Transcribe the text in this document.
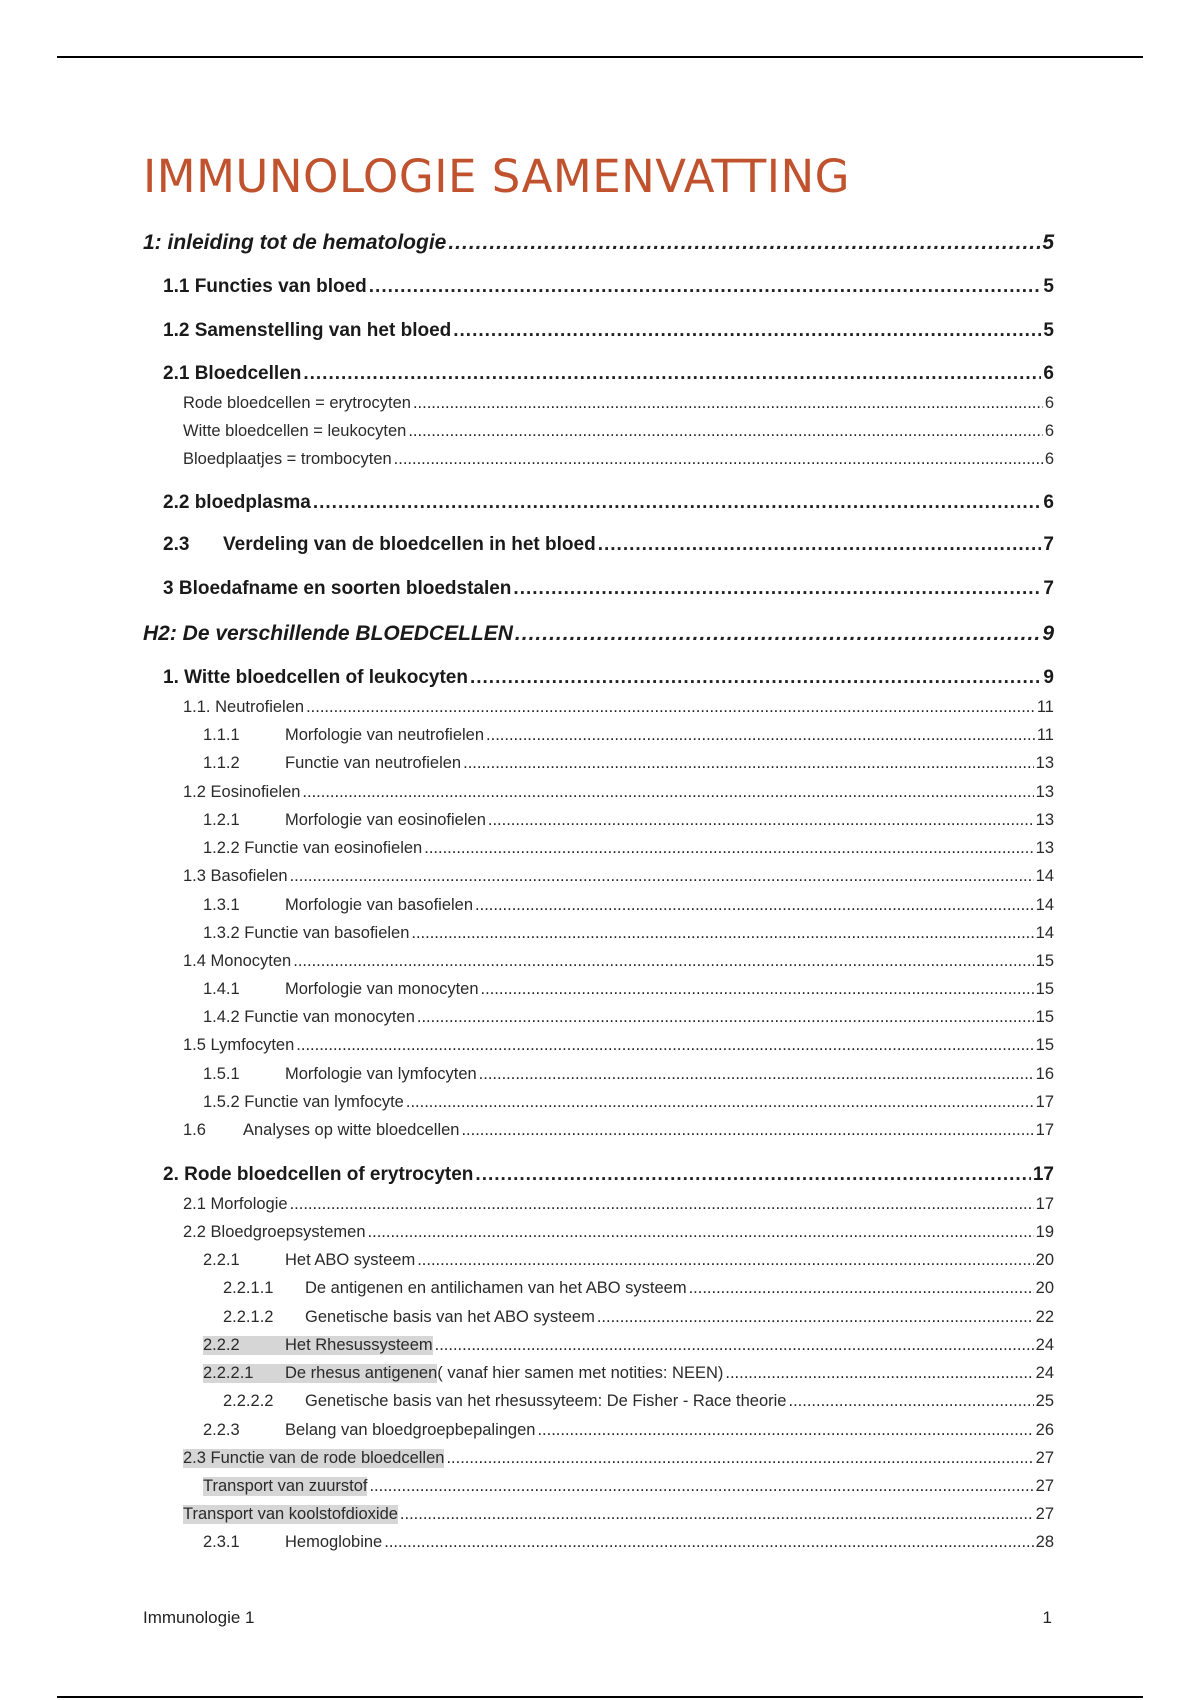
IMMUNOLOGIE SAMENVATTING
1: inleiding tot de hematologie .....	5
1.1 Functies van bloed .....	5
1.2 Samenstelling van het bloed .....	5
2.1 Bloedcellen .....	6
Rode bloedcellen = erytrocyten .....	6
Witte bloedcellen = leukocyten .....	6
Bloedplaatjes = trombocyten .....	6
2.2 bloedplasma .....	6
2.3	Verdeling van de bloedcellen in het bloed .....	7
3 Bloedafname en soorten bloedstalen .....	7
H2: De verschillende BLOEDCELLEN .....	9
1. Witte bloedcellen of leukocyten .....	9
1.1. Neutrofielen .....	11
1.1.1	Morfologie van neutrofielen .....	11
1.1.2	Functie van neutrofielen .....	13
1.2 Eosinofielen .....	13
1.2.1	Morfologie van eosinofielen .....	13
1.2.2 Functie van eosinofielen .....	13
1.3 Basofielen .....	14
1.3.1	Morfologie van basofielen .....	14
1.3.2 Functie van basofielen .....	14
1.4 Monocyten .....	15
1.4.1	Morfologie van monocyten .....	15
1.4.2 Functie van monocyten .....	15
1.5 Lymfocyten .....	15
1.5.1	Morfologie van lymfocyten .....	16
1.5.2 Functie van lymfocyte .....	17
1.6	Analyses op witte bloedcellen .....	17
2. Rode bloedcellen of erytrocyten .....	17
2.1 Morfologie .....	17
2.2 Bloedgroepsystemen .....	19
2.2.1	Het ABO systeem .....	20
2.2.1.1	De antigenen en antilichamen van het ABO systeem .....	20
2.2.1.2	Genetische basis van het ABO systeem .....	22
2.2.2	Het Rhesussysteem .....	24
2.2.2.1	De rhesus antigenen ( vanaf hier samen met notities: NEEN) .....	24
2.2.2.2	Genetische basis van het rhesussyteem: De Fisher - Race theorie .....	25
2.2.3	Belang van bloedgroepbepalingen .....	26
2.3 Functie van de rode bloedcellen .....	27
Transport van zuurstof .....	27
Transport van koolstofdioxide .....	27
2.3.1	Hemoglobine .....	28
Immunologie 1	1
